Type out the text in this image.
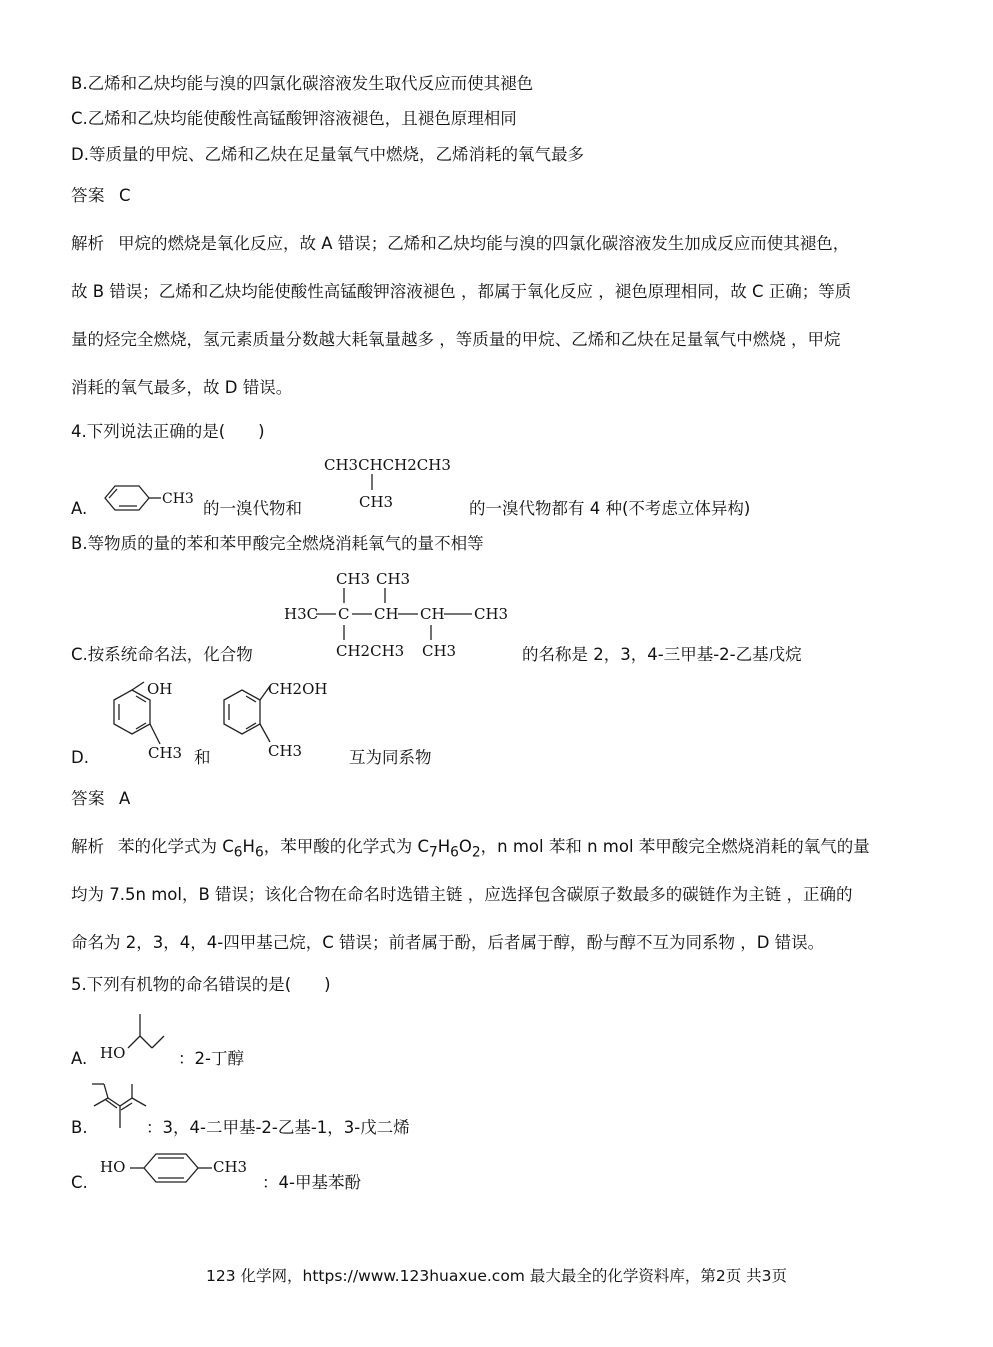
B.乙烯和乙炔均能与溴的四氯化碳溶液发生取代反应而使其褪色
C.乙烯和乙炔均能使酸性高锰酸钾溶液褪色，且褪色原理相同
D.等质量的甲烷、乙烯和乙炔在足量氧气中燃烧，乙烯消耗的氧气最多
答案 C
解析 甲烷的燃烧是氧化反应，故 A 错误；乙烯和乙炔均能与溴的四氯化碳溶液发生加成反应而使其褪色，
故 B 错误；乙烯和乙炔均能使酸性高锰酸钾溶液褪色 ，都属于氧化反应 ，褪色原理相同，故 C 正确；等质
量的烃完全燃烧，氢元素质量分数越大耗氧量越多 ，等质量的甲烷、乙烯和乙炔在足量氧气中燃烧 ，甲烷
消耗的氧气最多，故 D 错误。
4.下列说法正确的是(　　)
A.	CH3 的一溴代物和
CH3CHCH2CH3
CH3	的一溴代物都有 4 种(不考虑立体异构)
B.等物质的量的苯和苯甲酸完全燃烧消耗氧气的量不相等
C.按系统命名法，化合物
CH3 CH3
H3C C CH CH CH3
CH2CH3 CH3	的名称是 2，3，4-三甲基-2-乙基戊烷
D.
OH
CH3 和
CH2OH
CH3	互为同系物
答案 A
解析 苯的化学式为 $C_6H_6$，苯甲酸的化学式为 $C_7H_6O_2$，n mol 苯和 n mol 苯甲酸完全燃烧消耗的氧气的量
均为 7.5n mol，B 错误；该化合物在命名时选错主链 ，应选择包含碳原子数最多的碳链作为主链 ，正确的
命名为 2，3，4，4-四甲基己烷，C 错误；前者属于酚，后者属于醇，酚与醇不互为同系物 ，D 错误。
5.下列有机物的命名错误的是(　　)
A. HO	：2-丁醇
B.	：3，4-二甲基-2-乙基-1，3-戊二烯
C.
HO	CH3
：4-甲基苯酚
123 化学网，https://www.123huaxue.com 最大最全的化学资料库，第2页 共3页
